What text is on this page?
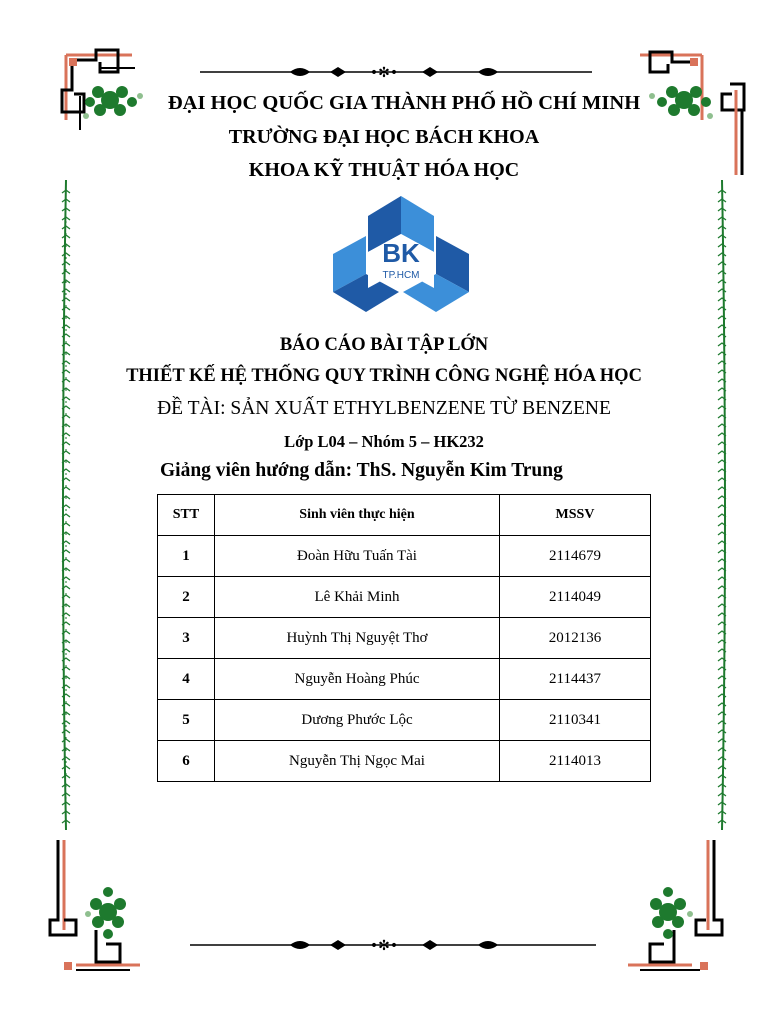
•✻•
•✻•
BK
TP.HCM
ĐẠI HỌC QUỐC GIA THÀNH PHỐ HỒ CHÍ MINH
TRƯỜNG ĐẠI HỌC BÁCH KHOA
KHOA KỸ THUẬT HÓA HỌC
BÁO CÁO BÀI TẬP LỚN
THIẾT KẾ HỆ THỐNG QUY TRÌNH CÔNG NGHỆ HÓA HỌC
ĐỀ TÀI: SẢN XUẤT ETHYLBENZENE TỪ BENZENE
Lớp L04 – Nhóm 5 – HK232
Giảng viên hướng dẫn: ThS. Nguyễn Kim Trung
STT	Sinh viên thực hiện	MSSV
1	Đoàn Hữu Tuấn Tài	2114679
2	Lê Khải Minh	2114049
3	Huỳnh Thị Nguyệt Thơ	2012136
4	Nguyễn Hoàng Phúc	2114437
5	Dương Phước Lộc	2110341
6	Nguyễn Thị Ngọc Mai	2114013
